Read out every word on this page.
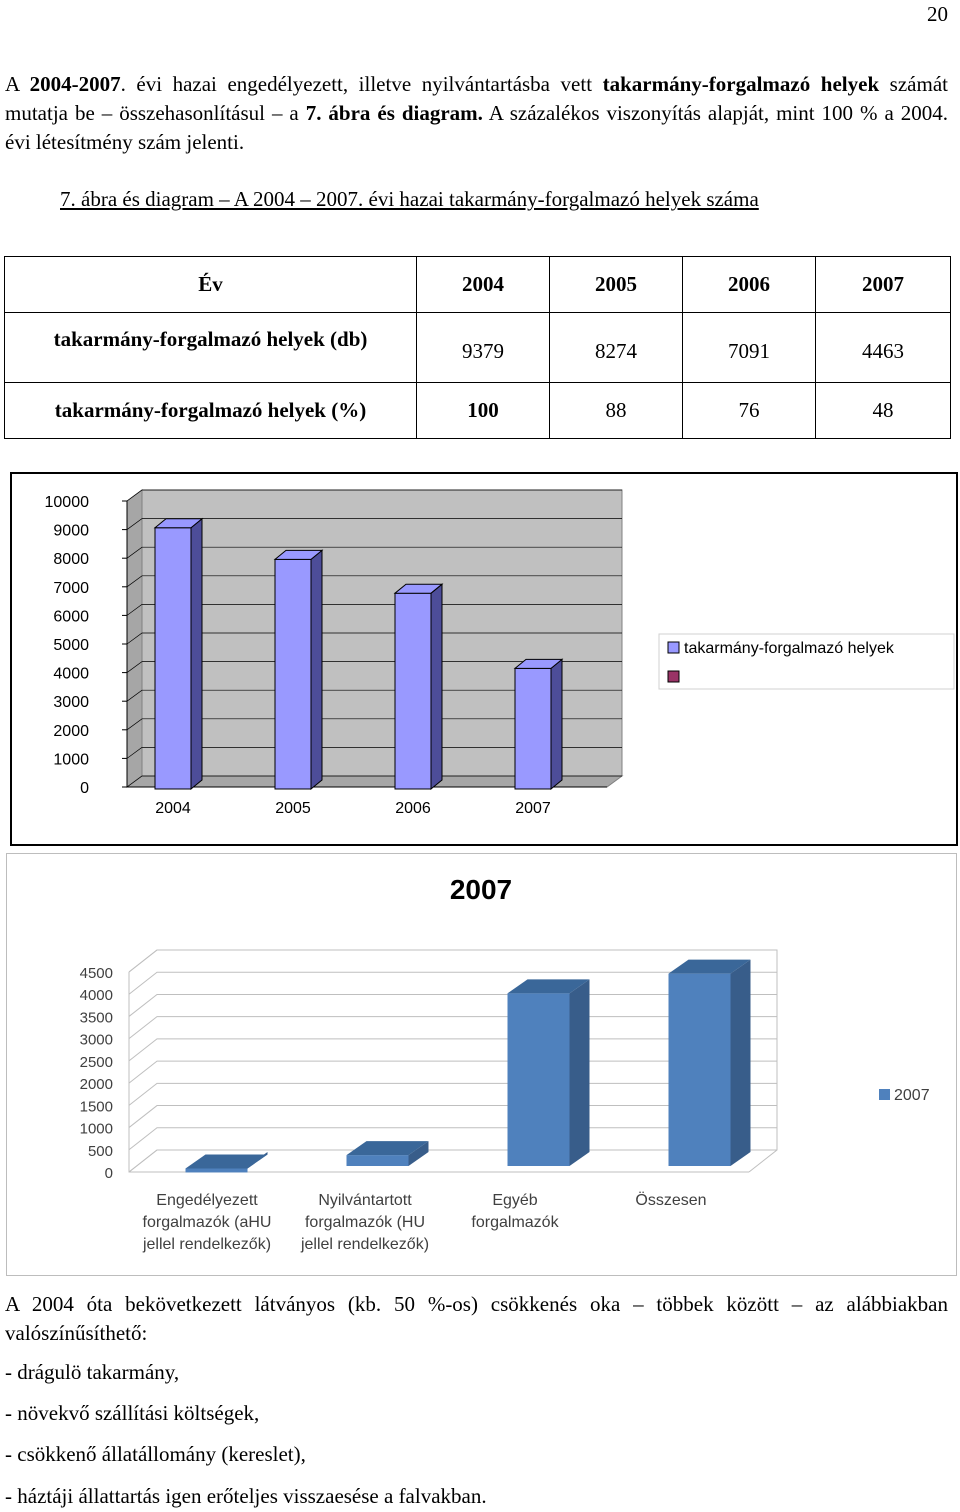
20
A 2004-2007. évi hazai engedélyezett, illetve nyilvántartásba vett takarmány-forgalmazó helyek számát mutatja be – összehasonlításul – a 7. ábra és diagram. A százalékos viszonyítás alapját, mint 100 % a 2004. évi létesítmény szám jelenti.
7. ábra és diagram – A 2004 – 2007. évi hazai takarmány-forgalmazó helyek száma
Év	2004	2005	2006	2007
takarmány-forgalmazó helyek (db)	9379	8274	7091	4463
takarmány-forgalmazó helyek (%)	100	88	76	48
0
1000
2000
3000
4000
5000
6000
7000
8000
9000
10000
2004	2005	2006	2007
takarmány-forgalmazó helyek
0
500
1000
1500
2000
2500
3000
3500
4000
4500
Engedélyezett
forgalmazók (aHU
jellel rendelkezők)
Nyilvántartott
forgalmazók (HU
jellel rendelkezők)
Egyéb
forgalmazók
Összesen
2007
2007
A 2004 óta bekövetkezett látványos (kb. 50 %-os) csökkenés oka – többek között – az alábbiakban valószínűsíthető:
- drágulö takarmány,
- növekvő szállítási költségek,
- csökkenő állatállomány (kereslet),
- háztáji állattartás igen erőteljes visszaesése a falvakban.
